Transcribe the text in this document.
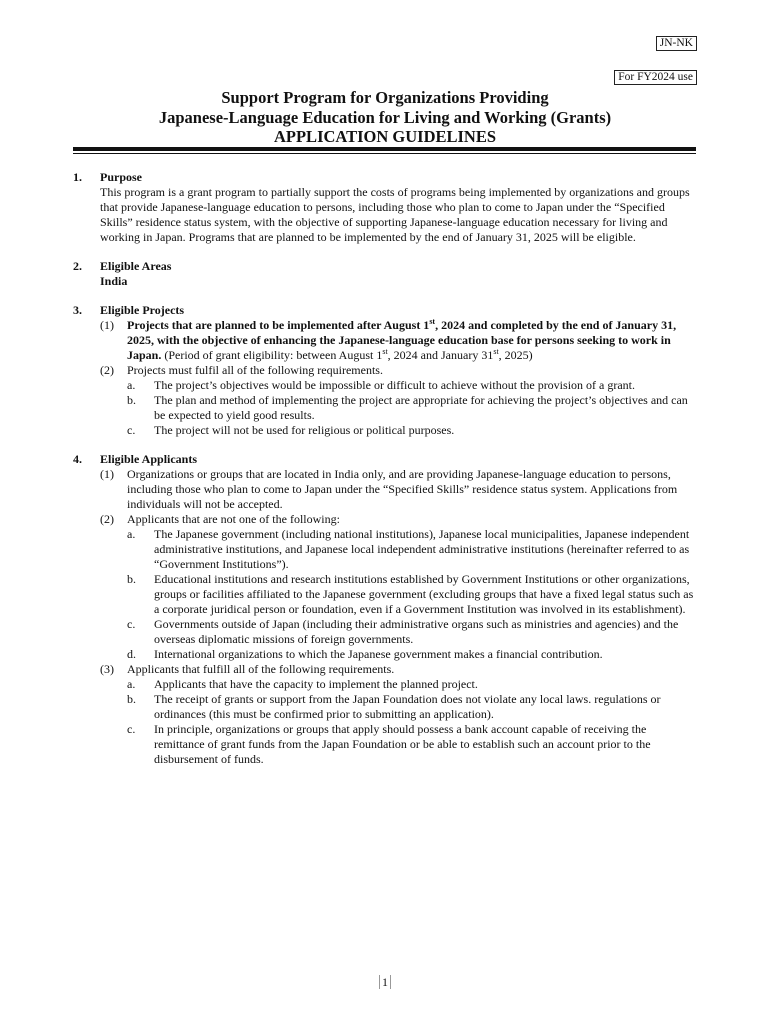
JN-NK
For FY2024 use
Support Program for Organizations Providing
Japanese-Language Education for Living and Working (Grants)
APPLICATION GUIDELINES
1. Purpose
This program is a grant program to partially support the costs of programs being implemented by organizations and groups that provide Japanese-language education to persons, including those who plan to come to Japan under the “Specified Skills” residence status system, with the objective of supporting Japanese-language education necessary for living and working in Japan. Programs that are planned to be implemented by the end of January 31, 2025 will be eligible.
2. Eligible Areas
India
3. Eligible Projects
(1) Projects that are planned to be implemented after August 1st, 2024 and completed by the end of January 31, 2025, with the objective of enhancing the Japanese-language education base for persons seeking to work in Japan. (Period of grant eligibility: between August 1st, 2024 and January 31st, 2025)
(2) Projects must fulfil all of the following requirements.
a. The project’s objectives would be impossible or difficult to achieve without the provision of a grant.
b. The plan and method of implementing the project are appropriate for achieving the project’s objectives and can be expected to yield good results.
c. The project will not be used for religious or political purposes.
4. Eligible Applicants
(1) Organizations or groups that are located in India only, and are providing Japanese-language education to persons, including those who plan to come to Japan under the “Specified Skills” residence status system. Applications from individuals will not be accepted.
(2) Applicants that are not one of the following:
a. The Japanese government (including national institutions), Japanese local municipalities, Japanese independent administrative institutions, and Japanese local independent administrative institutions (hereinafter referred to as “Government Institutions”).
b. Educational institutions and research institutions established by Government Institutions or other organizations, groups or facilities affiliated to the Japanese government (excluding groups that have a fixed legal status such as a corporate juridical person or foundation, even if a Government Institution was involved in its establishment).
c. Governments outside of Japan (including their administrative organs such as ministries and agencies) and the overseas diplomatic missions of foreign governments.
d. International organizations to which the Japanese government makes a financial contribution.
(3) Applicants that fulfill all of the following requirements.
a. Applicants that have the capacity to implement the planned project.
b. The receipt of grants or support from the Japan Foundation does not violate any local laws. regulations or ordinances (this must be confirmed prior to submitting an application).
c. In principle, organizations or groups that apply should possess a bank account capable of receiving the remittance of grant funds from the Japan Foundation or be able to establish such an account prior to the disbursement of funds.
1
